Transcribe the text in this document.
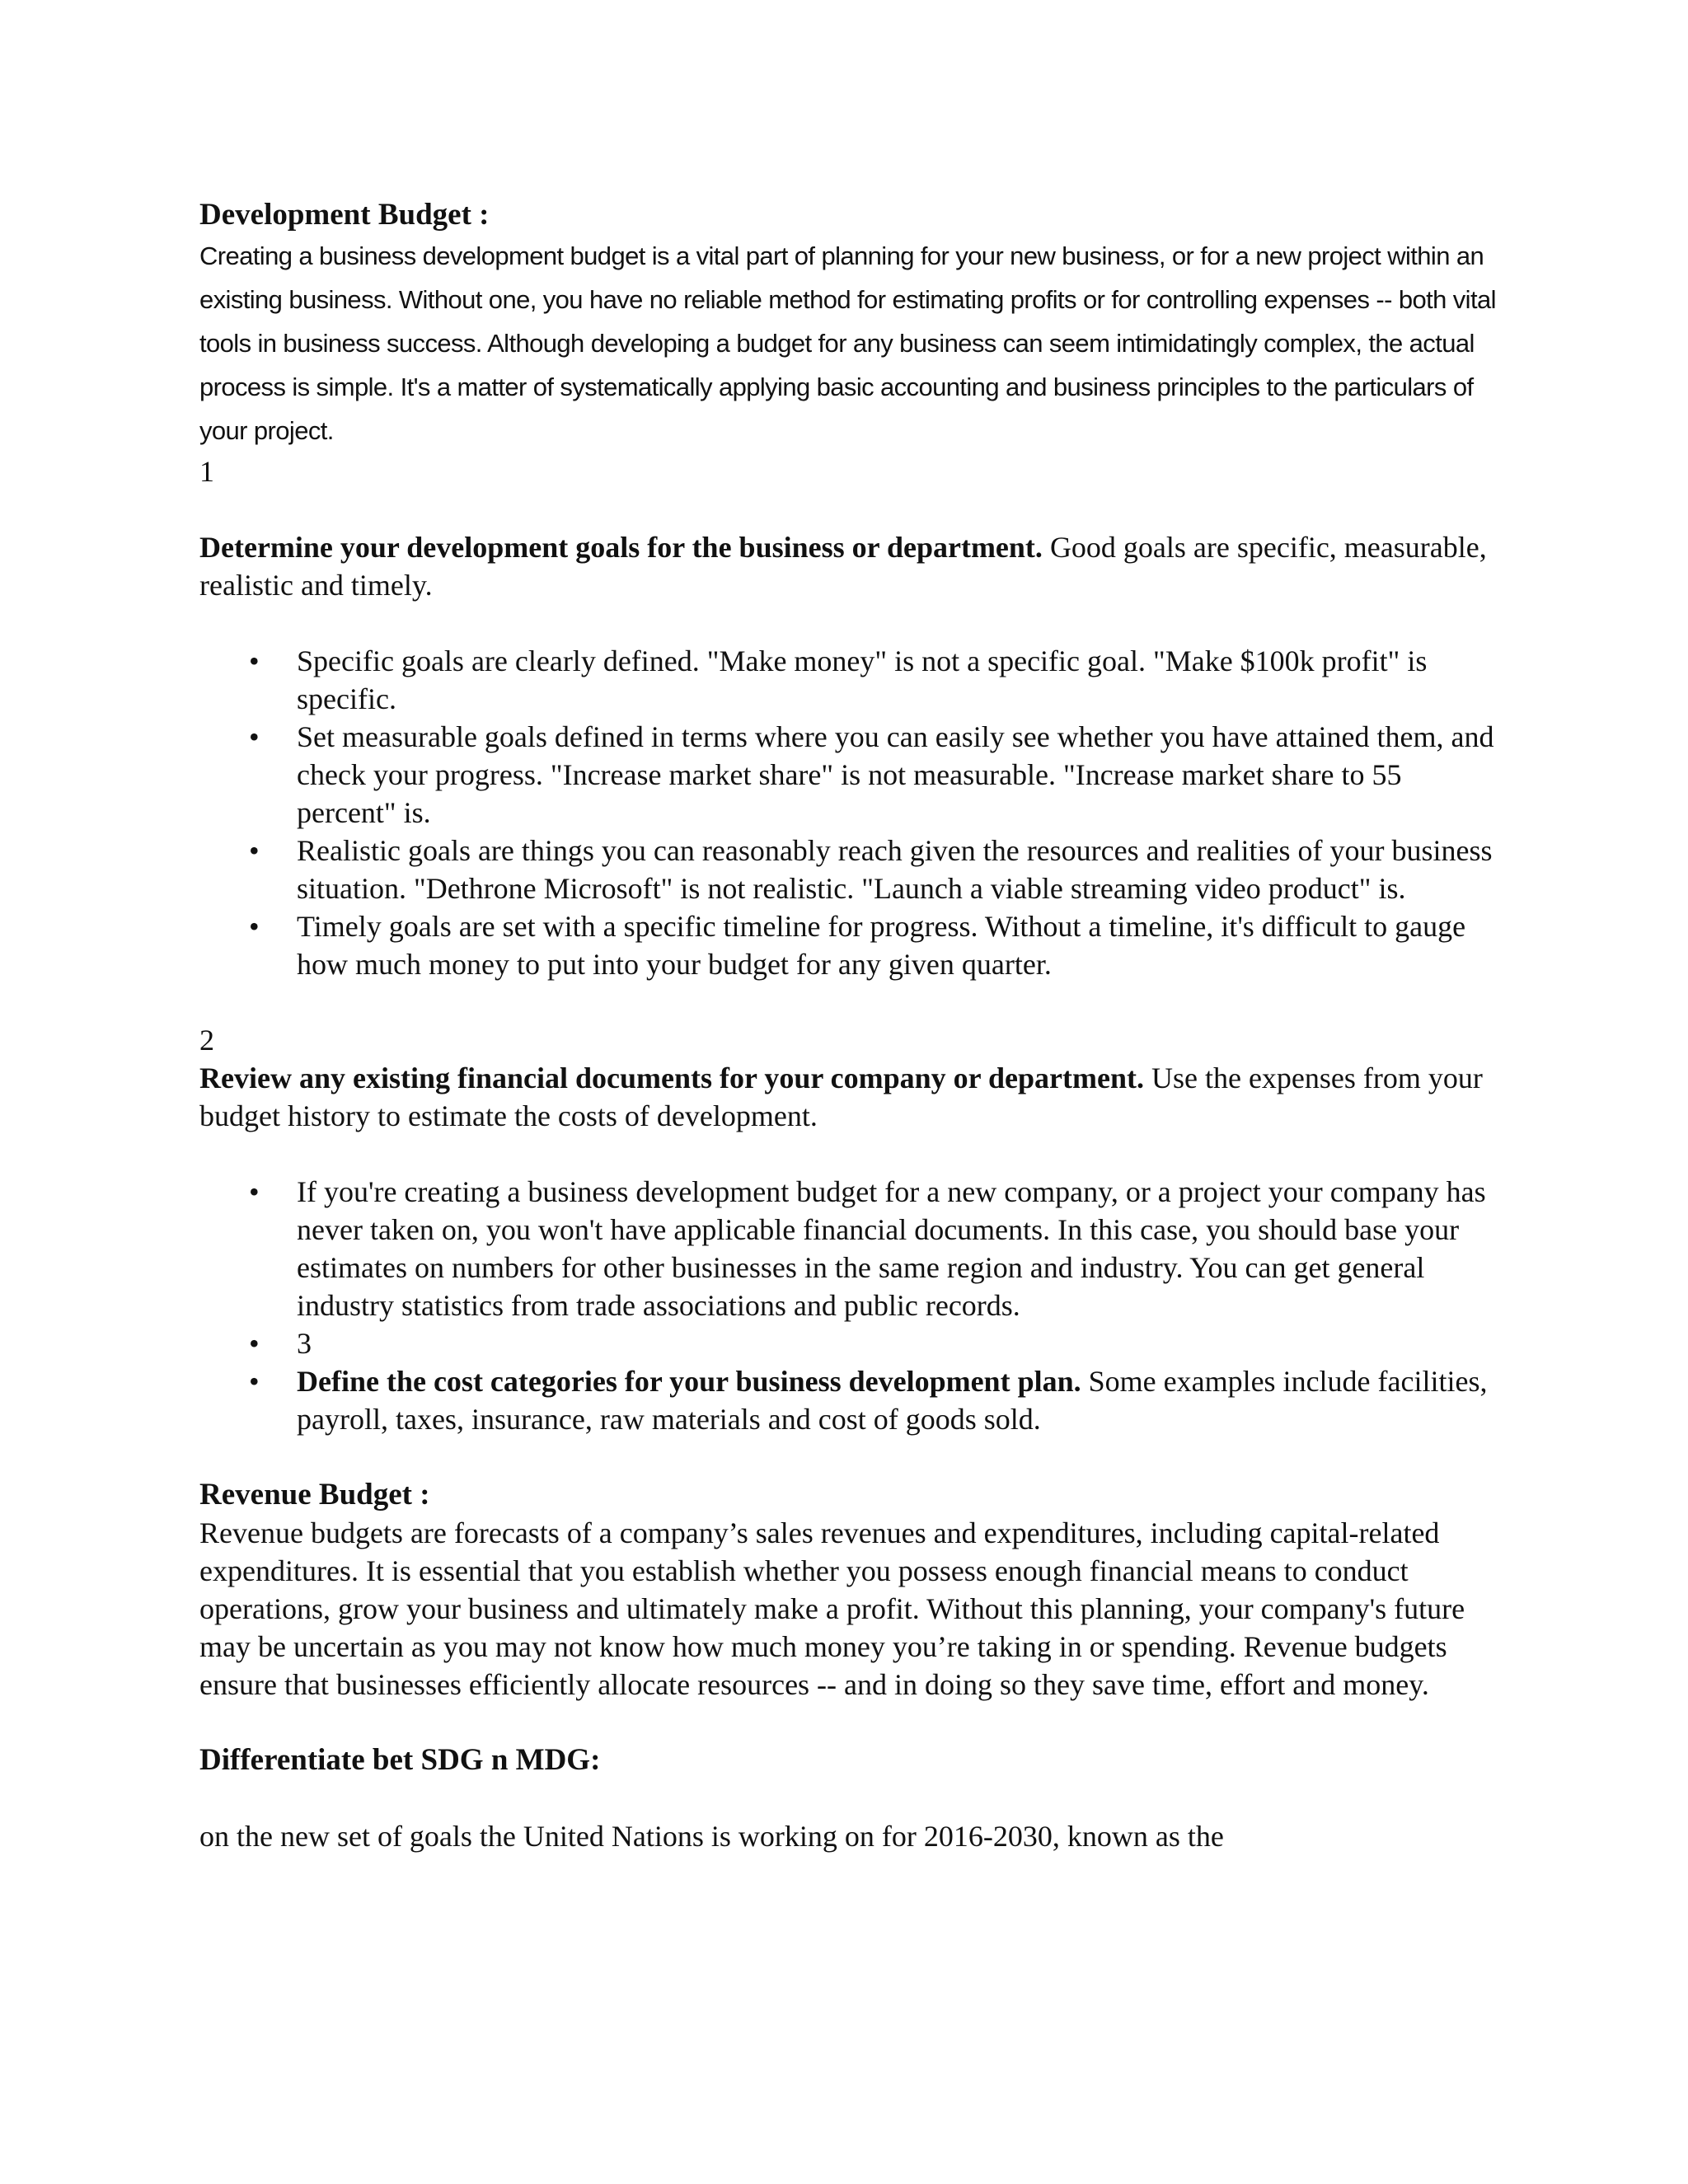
Development Budget :

Creating a business development budget is a vital part of planning for your new business, or for a new project within an existing business. Without one, you have no reliable method for estimating profits or for controlling expenses -- both vital tools in business success. Although developing a budget for any business can seem intimidatingly complex, the actual process is simple. It's a matter of systematically applying basic accounting and business principles to the particulars of your project.

1

Determine your development goals for the business or department. Good goals are specific, measurable, realistic and timely.

• Specific goals are clearly defined. "Make money" is not a specific goal. "Make $100k profit" is specific.
• Set measurable goals defined in terms where you can easily see whether you have attained them, and check your progress. "Increase market share" is not measurable. "Increase market share to 55 percent" is.
• Realistic goals are things you can reasonably reach given the resources and realities of your business situation. "Dethrone Microsoft" is not realistic. "Launch a viable streaming video product" is.
• Timely goals are set with a specific timeline for progress. Without a timeline, it's difficult to gauge how much money to put into your budget for any given quarter.

2

Review any existing financial documents for your company or department. Use the expenses from your budget history to estimate the costs of development.

• If you're creating a business development budget for a new company, or a project your company has never taken on, you won't have applicable financial documents. In this case, you should base your estimates on numbers for other businesses in the same region and industry. You can get general industry statistics from trade associations and public records.
• 3
• Define the cost categories for your business development plan. Some examples include facilities, payroll, taxes, insurance, raw materials and cost of goods sold.
Revenue Budget :

Revenue budgets are forecasts of a company’s sales revenues and expenditures, including capital-related expenditures. It is essential that you establish whether you possess enough financial means to conduct operations, grow your business and ultimately make a profit. Without this planning, your company's future may be uncertain as you may not know how much money you’re taking in or spending. Revenue budgets ensure that businesses efficiently allocate resources -- and in doing so they save time, effort and money.

Differentiate bet SDG n MDG:

on the new set of goals the United Nations is working on for 2016-2030, known as the
